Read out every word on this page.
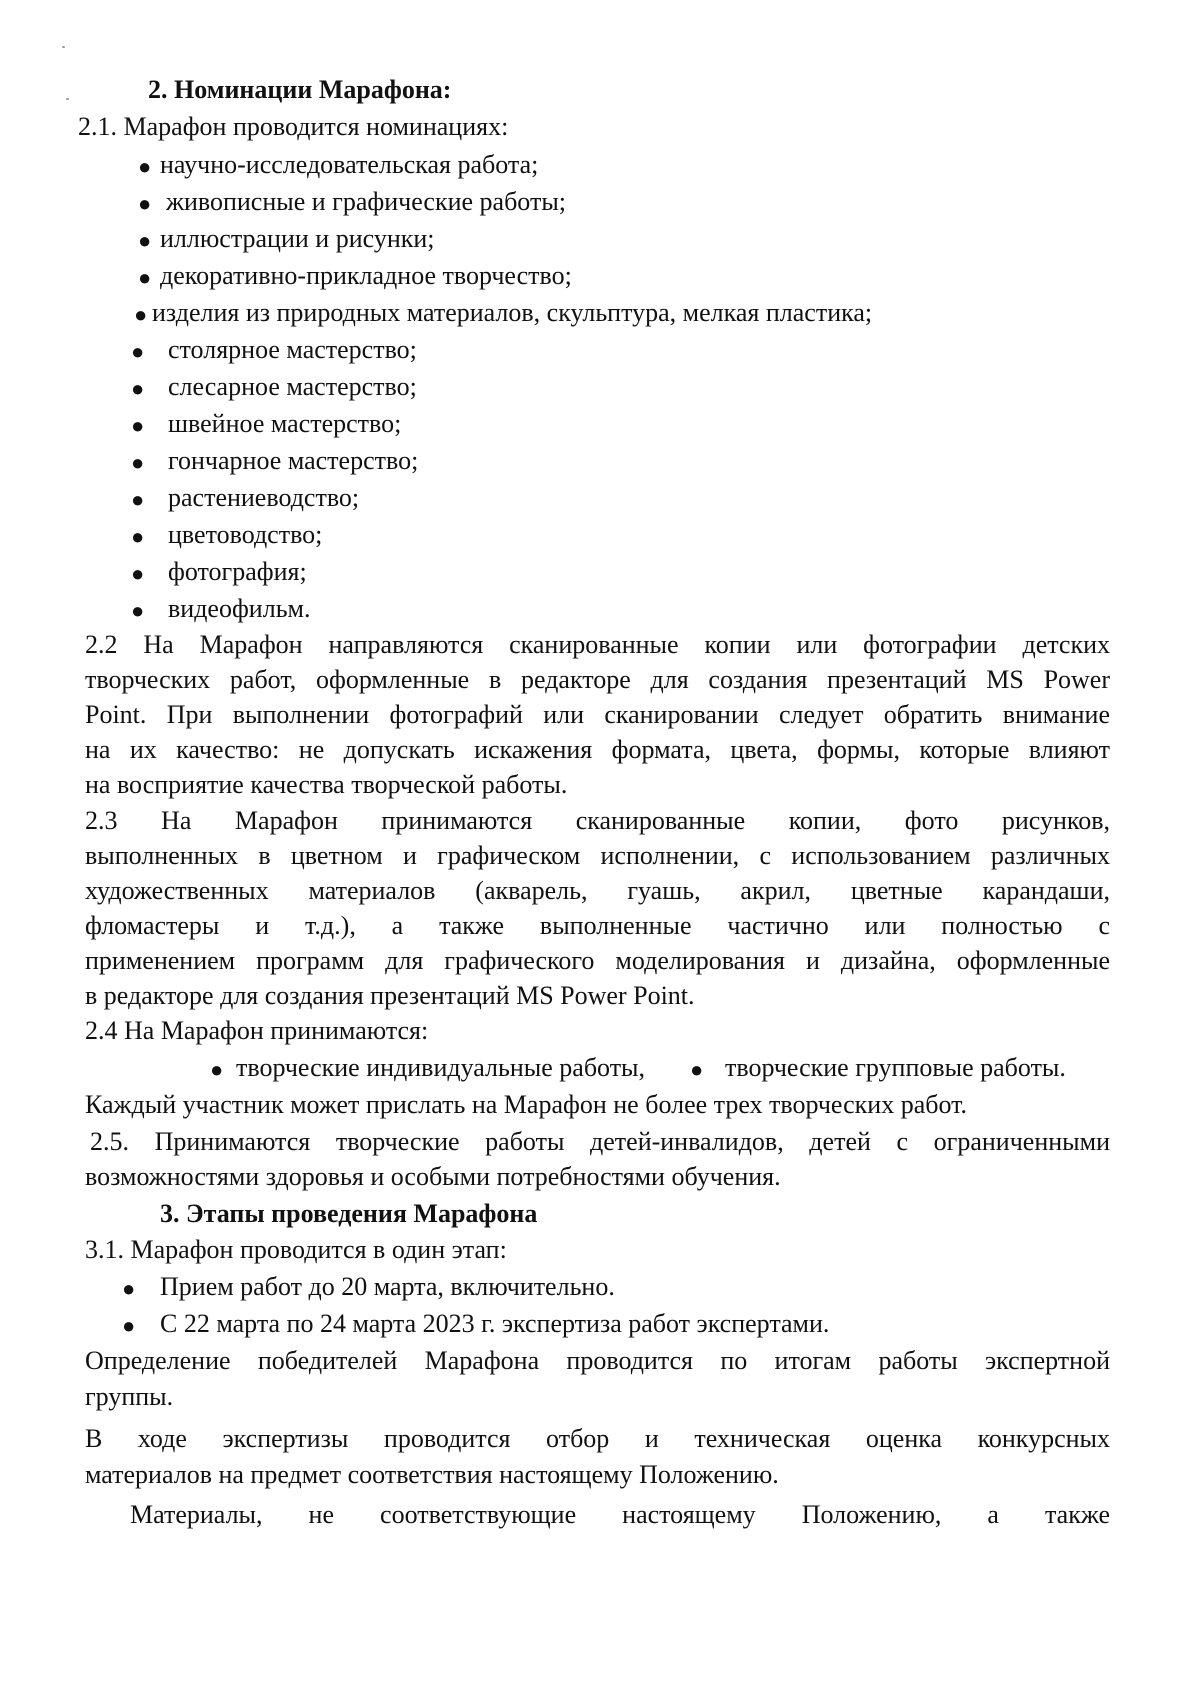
2. Номинации Марафона:
2.1. Марафон проводится номинациях:
● научно-исследовательская работа;
● живописные и графические работы;
● иллюстрации и рисунки;
● декоративно-прикладное творчество;
● изделия из природных материалов, скульптура, мелкая пластика;
● столярное мастерство;
● слесарное мастерство;
● швейное мастерство;
● гончарное мастерство;
● растениеводство;
● цветоводство;
● фотография;
● видеофильм.
2.2 На Марафон направляются сканированные копии или фотографии детских
творческих работ, оформленные в редакторе для создания презентаций MS Power
Point. При выполнении фотографий или сканировании следует обратить внимание
на их качество: не допускать искажения формата, цвета, формы, которые влияют
на восприятие качества творческой работы.
2.3 На Марафон принимаются сканированные копии, фото рисунков,
выполненных в цветном и графическом исполнении, с использованием различных
художественных материалов (акварель, гуашь, акрил, цветные карандаши,
фломастеры и т.д.), а также выполненные частично или полностью с
применением программ для графического моделирования и дизайна, оформленные
в редакторе для создания презентаций MS Power Point.
2.4 На Марафон принимаются:
● творческие индивидуальные работы, ● творческие групповые работы.
Каждый участник может прислать на Марафон не более трех творческих работ.
2.5. Принимаются творческие работы детей-инвалидов, детей с ограниченными
возможностями здоровья и особыми потребностями обучения.
3. Этапы проведения Марафона
3.1. Марафон проводится в один этап:
● Прием работ до 20 марта, включительно.
● С 22 марта по 24 марта 2023 г. экспертиза работ экспертами.
Определение победителей Марафона проводится по итогам работы экспертной
группы.
В ходе экспертизы проводится отбор и техническая оценка конкурсных
материалов на предмет соответствия настоящему Положению.
Материалы, не соответствующие настоящему Положению, а также
